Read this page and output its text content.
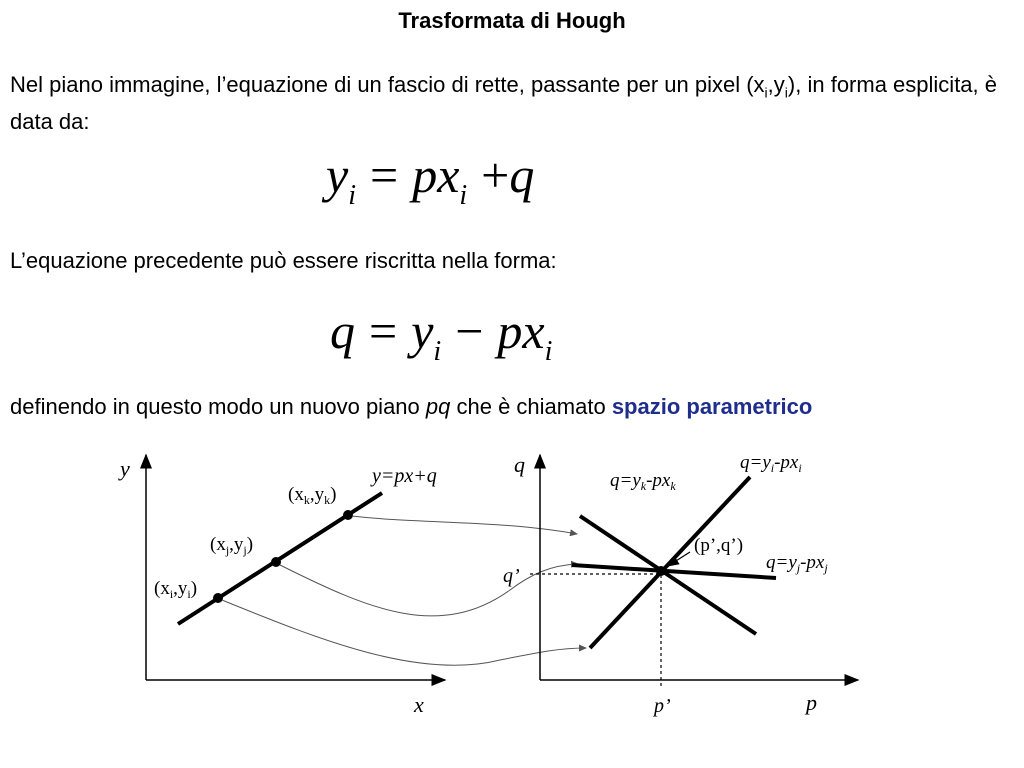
Trasformata di Hough
Nel piano immagine, l’equazione di un fascio di rette, passante per un pixel $(x_i,y_i)$, in forma esplicita, è data da:
$y_i = px_i +q$
L’equazione precedente può essere riscritta nella forma:
$q = y_i - px_i$
definendo in questo modo un nuovo piano pq che è chiamato spazio parametrico
y
x
y=px+q
$(x_k,y_k)$
$(x_j,y_j)$
$(x_i,y_i)$
q
p
q’
p’
(p’,q’)
$q=y_i-px_i$
$q=y_k-px_k$
$q=y_j-px_j$
